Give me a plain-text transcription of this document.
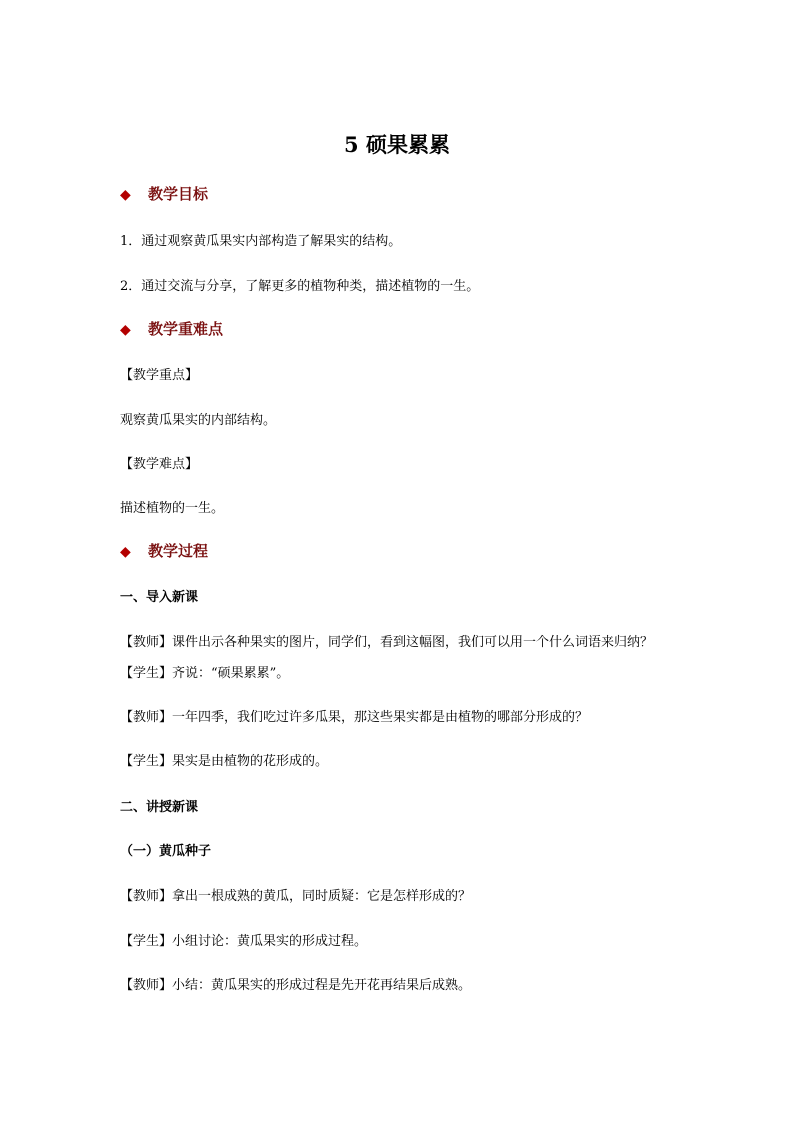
5 硕果累累
◆ 教学目标
1．通过观察黄瓜果实内部构造了解果实的结构。
2．通过交流与分享，了解更多的植物种类，描述植物的一生。
◆ 教学重难点
【教学重点】
观察黄瓜果实的内部结构。
【教学难点】
描述植物的一生。
◆ 教学过程
一、导入新课
【教师】课件出示各种果实的图片，同学们，看到这幅图，我们可以用一个什么词语来归纳？
【学生】齐说：“硕果累累”。
【教师】一年四季，我们吃过许多瓜果，那这些果实都是由植物的哪部分形成的？
【学生】果实是由植物的花形成的。
二、讲授新课
（一）黄瓜种子
【教师】拿出一根成熟的黄瓜，同时质疑：它是怎样形成的？
【学生】小组讨论：黄瓜果实的形成过程。
【教师】小结：黄瓜果实的形成过程是先开花再结果后成熟。
